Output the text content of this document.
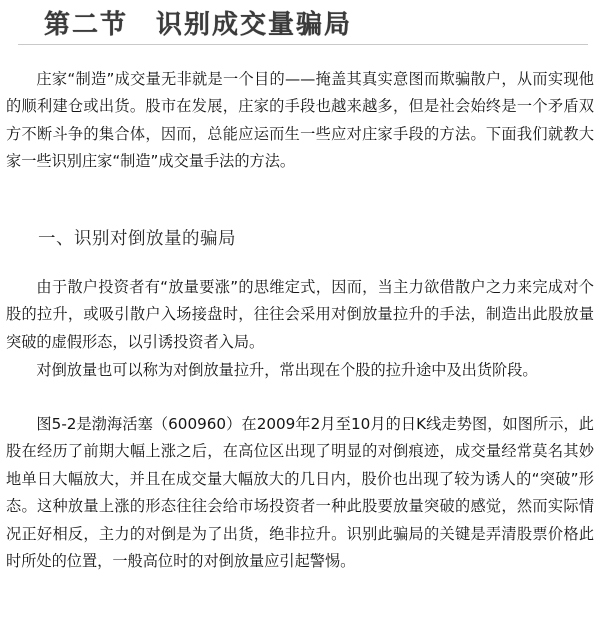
第二节　识别成交量骗局

庄家“制造”成交量无非就是一个目的——掩盖其真实意图而欺骗散户，从而实现他的顺利建仓或出货。股市在发展，庄家的手段也越来越多，但是社会始终是一个矛盾双方不断斗争的集合体，因而，总能应运而生一些应对庄家手段的方法。下面我们就教大家一些识别庄家“制造”成交量手法的方法。

一、识别对倒放量的骗局

由于散户投资者有“放量要涨”的思维定式，因而，当主力欲借散户之力来完成对个股的拉升，或吸引散户入场接盘时，往往会采用对倒放量拉升的手法，制造出此股放量突破的虚假形态，以引诱投资者入局。

对倒放量也可以称为对倒放量拉升，常出现在个股的拉升途中及出货阶段。

图5-2是渤海活塞（600960）在2009年2月至10月的日K线走势图，如图所示，此股在经历了前期大幅上涨之后，在高位区出现了明显的对倒痕迹，成交量经常莫名其妙地单日大幅放大，并且在成交量大幅放大的几日内，股价也出现了较为诱人的“突破”形态。这种放量上涨的形态往往会给市场投资者一种此股要放量突破的感觉，然而实际情况正好相反，主力的对倒是为了出货，绝非拉升。识别此骗局的关键是弄清股票价格此时所处的位置，一般高位时的对倒放量应引起警惕。
